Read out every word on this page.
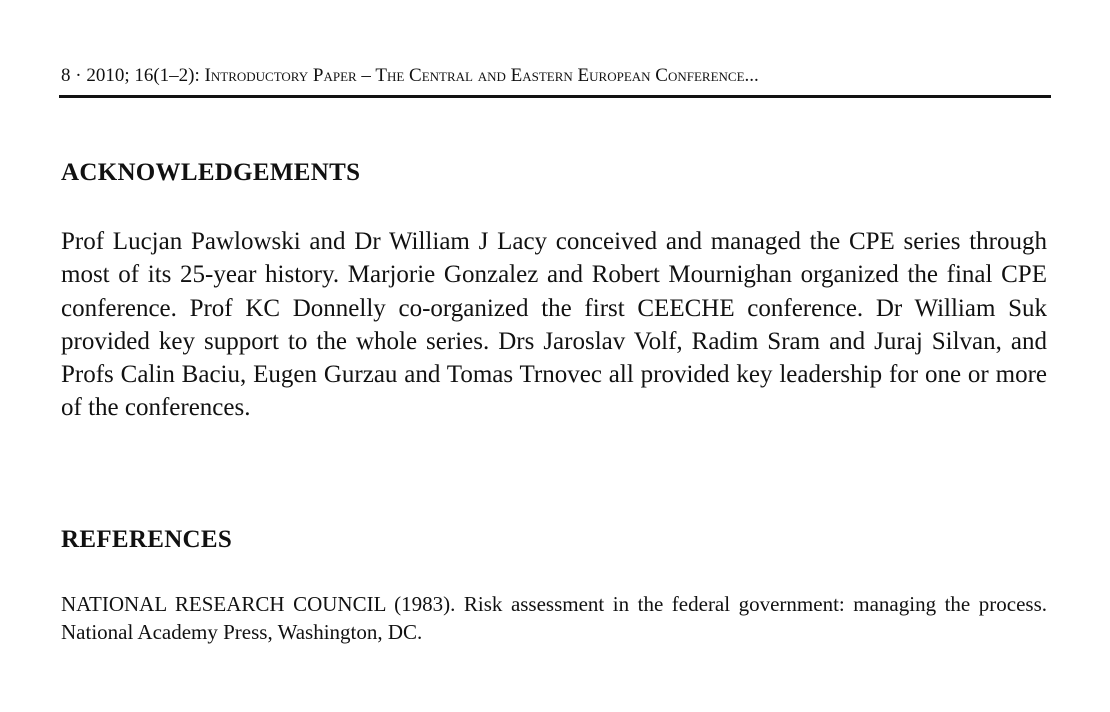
8 · 2010; 16(1–2): Introductory Paper – The Central and Eastern European Conference...
ACKNOWLEDGEMENTS

Prof Lucjan Pawlowski and Dr William J Lacy conceived and managed the CPE series through most of its 25-year history. Marjorie Gonzalez and Robert Mournighan organized the final CPE conference. Prof KC Donnelly co-organized the first CEECHE conference. Dr William Suk provided key support to the whole series. Drs Jaroslav Volf, Radim Sram and Juraj Silvan, and Profs Calin Baciu, Eugen Gurzau and Tomas Trnovec all provided key leadership for one or more of the conferences.

REFERENCES

NATIONAL RESEARCH COUNCIL (1983). Risk assessment in the federal government: managing the process. National Academy Press, Washington, DC.
